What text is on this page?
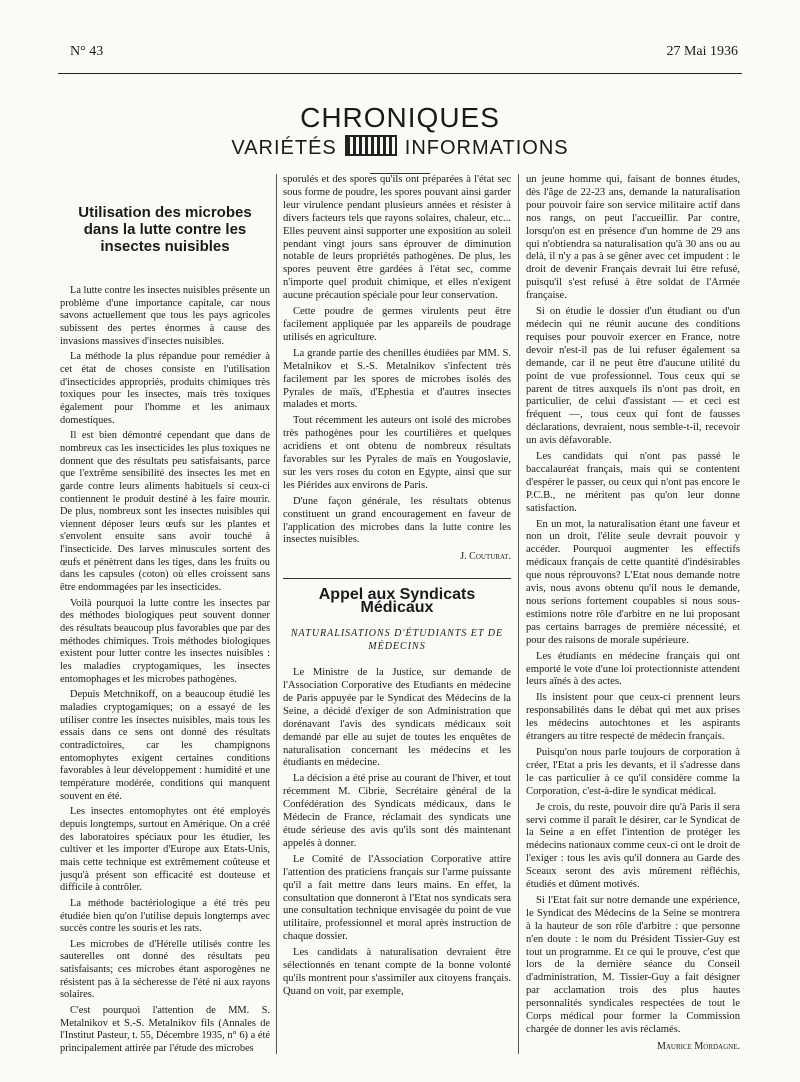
N° 43	27 Mai 1936
CHRONIQUES
VARIÉTÉS	INFORMATIONS
Utilisation des microbes dans la lutte contre les insectes nuisibles

La lutte contre les insectes nuisibles présente un problème d'une importance capitale, car nous savons actuellement que tous les pays agricoles subissent des pertes énormes à cause des invasions massives d'insectes nuisibles.

La méthode la plus répandue pour remédier à cet état de choses consiste en l'utilisation d'insecticides appropriés, produits chimiques très toxiques pour les insectes, mais très toxiques également pour l'homme et les animaux domestiques.

Il est bien démontré cependant que dans de nombreux cas les insecticides les plus toxiques ne donnent que des résultats peu satisfaisants, parce que l'extrême sensibilité des insectes les met en garde contre leurs aliments habituels si ceux-ci contiennent le produit destiné à les faire mourir. De plus, nombreux sont les insectes nuisibles qui viennent déposer leurs œufs sur les plantes et s'envolent ensuite sans avoir touché à l'insecticide. Des larves minuscules sortent des œufs et pénètrent dans les tiges, dans les fruits ou dans les capsules (coton) où elles croissent sans être endommagées par les insecticides.

Voilà pourquoi la lutte contre les insectes par des méthodes biologiques peut souvent donner des résultats beaucoup plus favorables que par des méthodes chimiques. Trois méthodes biologiques existent pour lutter contre les insectes nuisibles : les maladies cryptogamiques, les insectes entomophages et les microbes pathogènes.

Depuis Metchnikoff, on a beaucoup étudié les maladies cryptogamiques; on a essayé de les utiliser contre les insectes nuisibles, mais tous les essais dans ce sens ont donné des résultats contradictoires, car les champignons entomophytes exigent certaines conditions favorables à leur développement : humidité et une température modérée, conditions qui manquent souvent en été.

Les insectes entomophytes ont été employés depuis longtemps, surtout en Amérique. On a créé des laboratoires spéciaux pour les étudier, les cultiver et les importer d'Europe aux Etats-Unis, mais cette technique est extrêmement coûteuse et jusqu'à présent son efficacité est douteuse et difficile à contrôler.

La méthode bactériologique a été très peu étudiée bien qu'on l'utilise depuis longtemps avec succès contre les souris et les rats.

Les microbes de d'Hérelle utilisés contre les sauterelles ont donné des résultats peu satisfaisants; ces microbes étant asporogènes ne résistent pas à la sécheresse de l'été ni aux rayons solaires.

C'est pourquoi l'attention de MM. S. Metalnikov et S.-S. Metalnikov fils (Annales de l'Institut Pasteur, t. 55, Décembre 1935, n° 6) a été principalement attirée par l'étude des microbes

sporulés et des spores qu'ils ont préparées à l'état sec sous forme de poudre, les spores pouvant ainsi garder leur virulence pendant plusieurs années et résister à divers facteurs tels que rayons solaires, chaleur, etc... Elles peuvent ainsi supporter une exposition au soleil pendant vingt jours sans éprouver de diminution notable de leurs propriétés pathogènes. De plus, les spores peuvent être gardées à l'état sec, comme n'importe quel produit chimique, et elles n'exigent aucune précaution spéciale pour leur conservation.

Cette poudre de germes virulents peut être facilement appliquée par les appareils de poudrage utilisés en agriculture.

La grande partie des chenilles étudiées par MM. S. Metalnikov et S.-S. Metalnikov s'infectent très facilement par les spores de microbes isolés des Pyrales de maïs, d'Ephestia et d'autres insectes malades et morts.

Tout récemment les auteurs ont isolé des microbes très pathogènes pour les courtilières et quelques acridiens et ont obtenu de nombreux résultats favorables sur les Pyrales de maïs en Yougoslavie, sur les vers roses du coton en Egypte, ainsi que sur les Piérides aux environs de Paris.

D'une façon générale, les résultats obtenus constituent un grand encouragement en faveur de l'application des microbes dans la lutte contre les insectes nuisibles.

J. Couturat.
Appel aux Syndicats Médicaux
NATURALISATIONS D'ÉTUDIANTS ET DE MÉDECINS

Le Ministre de la Justice, sur demande de l'Association Corporative des Etudiants en médecine de Paris appuyée par le Syndicat des Médecins de la Seine, a décidé d'exiger de son Administration que dorénavant l'avis des syndicats médicaux soit demandé par elle au sujet de toutes les enquêtes de naturalisation concernant les médecins et les étudiants en médecine.

La décision a été prise au courant de l'hiver, et tout récemment M. Cibrie, Secrétaire général de la Confédération des Syndicats médicaux, dans le Médecin de France, réclamait des syndicats une étude sérieuse des avis qu'ils sont dès maintenant appelés à donner.

Le Comité de l'Association Corporative attire l'attention des praticiens français sur l'arme puissante qu'il a fait mettre dans leurs mains. En effet, la consultation que donneront à l'Etat nos syndicats sera une consultation technique envisagée du point de vue utilitaire, professionnel et moral après instruction de chaque dossier.

Les candidats à naturalisation devraient être sélectionnés en tenant compte de la bonne volonté qu'ils montrent pour s'assimiler aux citoyens français. Quand on voit, par exemple,

un jeune homme qui, faisant de bonnes études, dès l'âge de 22-23 ans, demande la naturalisation pour pouvoir faire son service militaire actif dans nos rangs, on peut l'accueillir. Par contre, lorsqu'on est en présence d'un homme de 29 ans qui n'obtiendra sa naturalisation qu'à 30 ans ou au delà, il n'y a pas à se gêner avec cet impudent : le droit de devenir Français devrait lui être refusé, puisqu'il s'est refusé à être soldat de l'Armée française.

Si on étudie le dossier d'un étudiant ou d'un médecin qui ne réunit aucune des conditions requises pour pouvoir exercer en France, notre devoir n'est-il pas de lui refuser également sa demande, car il ne peut être d'aucune utilité du point de vue professionnel. Tous ceux qui se parent de titres auxquels ils n'ont pas droit, en particulier, de celui d'assistant — et ceci est fréquent —, tous ceux qui font de fausses déclarations, devraient, nous semble-t-il, recevoir un avis défavorable.

Les candidats qui n'ont pas passé le baccalauréat français, mais qui se contentent d'espérer le passer, ou ceux qui n'ont pas encore le P.C.B., ne méritent pas qu'on leur donne satisfaction.

En un mot, la naturalisation étant une faveur et non un droit, l'élite seule devrait pouvoir y accéder. Pourquoi augmenter les effectifs médicaux français de cette quantité d'indésirables que nous réprouvons? L'Etat nous demande notre avis, nous avons obtenu qu'il nous le demande, nous serions fortement coupables si nous sous-estimions notre rôle d'arbitre en ne lui proposant pas certains barrages de première nécessité, et pour des raisons de morale supérieure.

Les étudiants en médecine français qui ont emporté le vote d'une loi protectionniste attendent leurs aînés à des actes.

Ils insistent pour que ceux-ci prennent leurs responsabilités dans le débat qui met aux prises les médecins autochtones et les aspirants étrangers au titre respecté de médecin français.

Puisqu'on nous parle toujours de corporation à créer, l'Etat a pris les devants, et il s'adresse dans le cas particulier à ce qu'il considère comme la Corporation, c'est-à-dire le syndicat médical.

Je crois, du reste, pouvoir dire qu'à Paris il sera servi comme il paraît le désirer, car le Syndicat de la Seine a en effet l'intention de protéger les médecins nationaux comme ceux-ci ont le droit de l'exiger : tous les avis qu'il donnera au Garde des Sceaux seront des avis mûrement réfléchis, étudiés et dûment motivés.

Si l'Etat fait sur notre demande une expérience, le Syndicat des Médecins de la Seine se montrera à la hauteur de son rôle d'arbitre : que personne n'en doute : le nom du Président Tissier-Guy est tout un programme. Et ce qui le prouve, c'est que lors de la dernière séance du Conseil d'administration, M. Tissier-Guy a fait désigner par acclamation trois des plus hautes personnalités syndicales respectées de tout le Corps médical pour former la Commission chargée de donner les avis réclamés.

Maurice Mordagne.
